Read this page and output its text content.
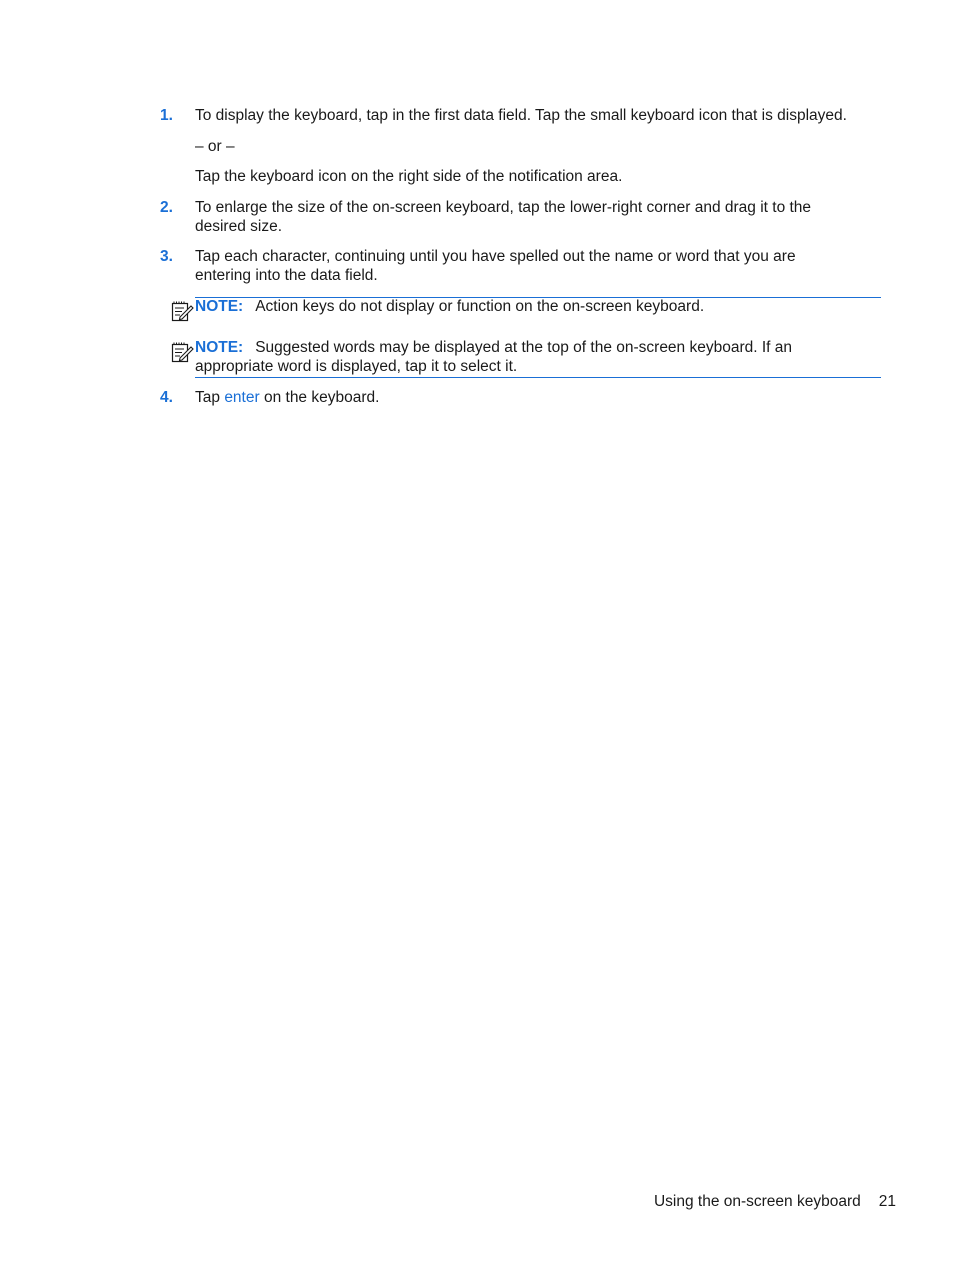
1. To display the keyboard, tap in the first data field. Tap the small keyboard icon that is displayed.
– or –
Tap the keyboard icon on the right side of the notification area.
2. To enlarge the size of the on-screen keyboard, tap the lower-right corner and drag it to the desired size.
3. Tap each character, continuing until you have spelled out the name or word that you are entering into the data field.
NOTE: Action keys do not display or function on the on-screen keyboard.
NOTE: Suggested words may be displayed at the top of the on-screen keyboard. If an appropriate word is displayed, tap it to select it.
4. Tap enter on the keyboard.
Using the on-screen keyboard 21
